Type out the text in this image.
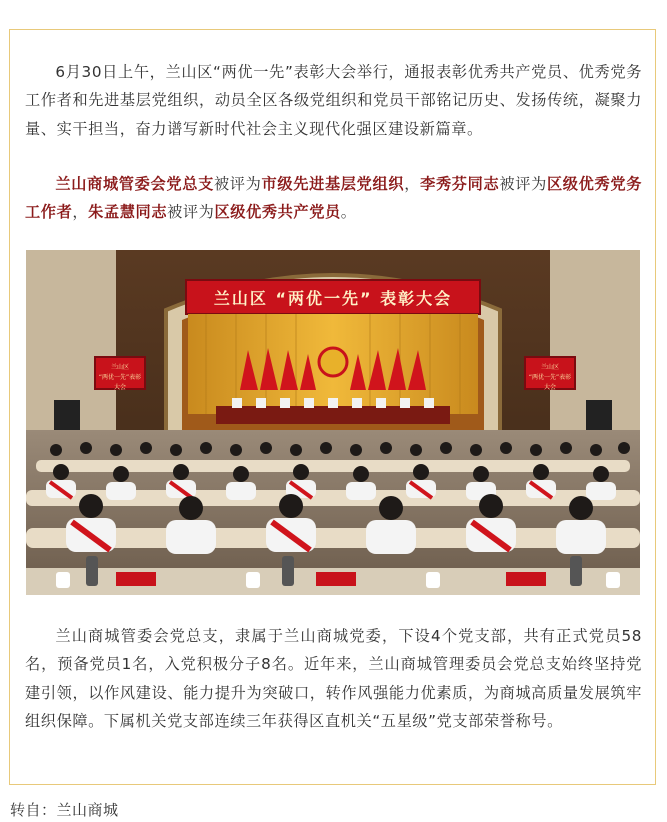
6月30日上午，兰山区“两优一先”表彰大会举行，通报表彰优秀共产党员、优秀党务工作者和先进基层党组织，动员全区各级党组织和党员干部铭记历史、发扬传统，凝聚力量、实干担当，奋力谱写新时代社会主义现代化强区建设新篇章。

兰山商城管委会党总支被评为市级先进基层党组织，李秀芬同志被评为区级优秀党务工作者，朱孟慧同志被评为区级优秀共产党员。

兰山区 “两优一先” 表彰大会
兰山区
“两优一先”表彰大会
兰山区
“两优一先”表彰大会

兰山商城管委会党总支，隶属于兰山商城党委，下设4个党支部，共有正式党员58名，预备党员1名，入党积极分子8名。近年来，兰山商城管理委员会党总支始终坚持党建引领，以作风建设、能力提升为突破口，转作风强能力优素质，为商城高质量发展筑牢组织保障。下属机关党支部连续三年获得区直机关“五星级”党支部荣誉称号。

转自：兰山商城
